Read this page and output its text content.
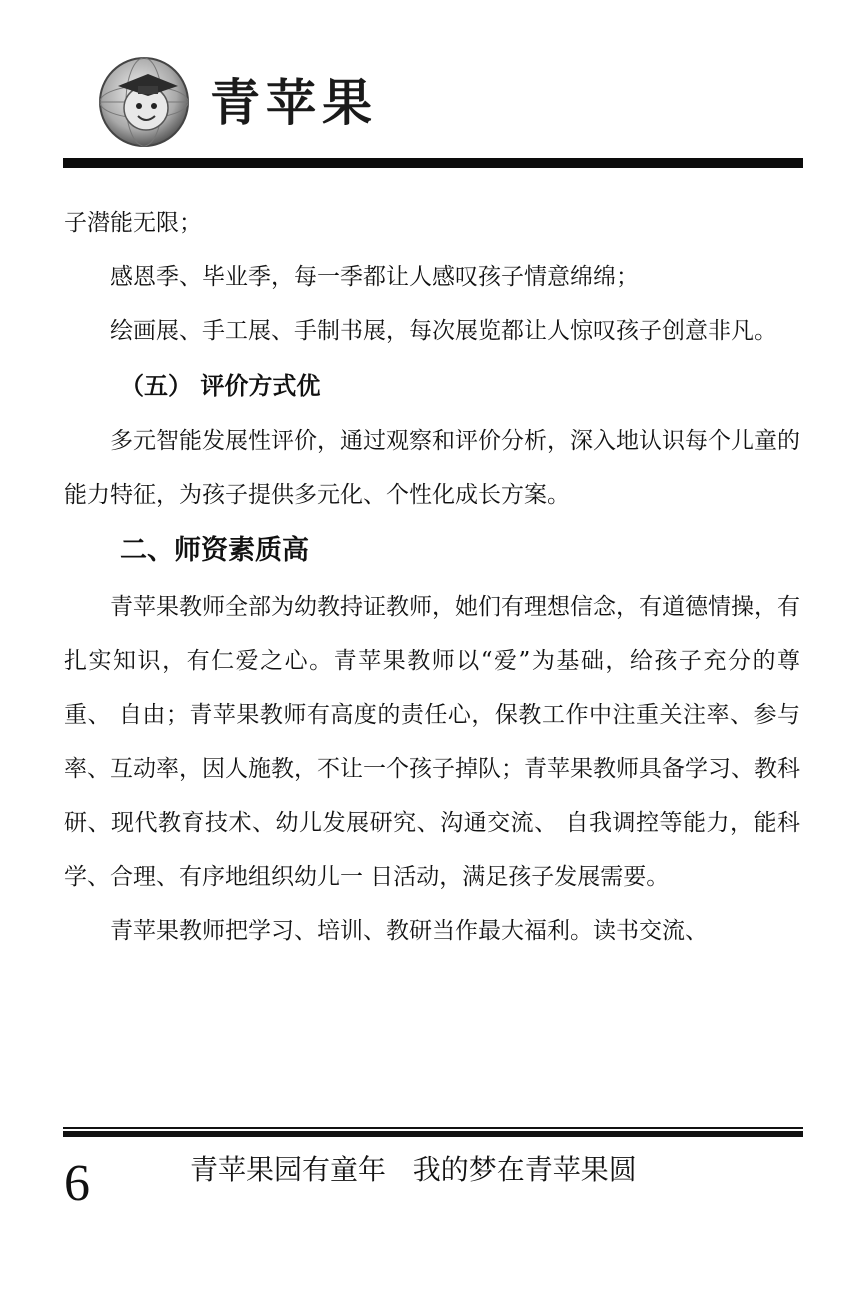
青苹果

子潜能无限；

感恩季、毕业季，每一季都让人感叹孩子情意绵绵；

绘画展、手工展、手制书展，每次展览都让人惊叹孩子创意非凡。

（五） 评价方式优

多元智能发展性评价，通过观察和评价分析，深入地认识每个儿童的能力特征，为孩子提供多元化、个性化成长方案。

二、师资素质高

青苹果教师全部为幼教持证教师，她们有理想信念，有道德情操，有扎实知识，有仁爱之心。青苹果教师以“爱”为基础，给孩子充分的尊重、 自由；青苹果教师有高度的责任心，保教工作中注重关注率、参与率、互动率，因人施教，不让一个孩子掉队；青苹果教师具备学习、教科研、现代教育技术、幼儿发展研究、沟通交流、 自我调控等能力，能科学、合理、有序地组织幼儿一 日活动，满足孩子发展需要。

青苹果教师把学习、培训、教研当作最大福利。读书交流、

6	青苹果园有童年   我的梦在青苹果圆
